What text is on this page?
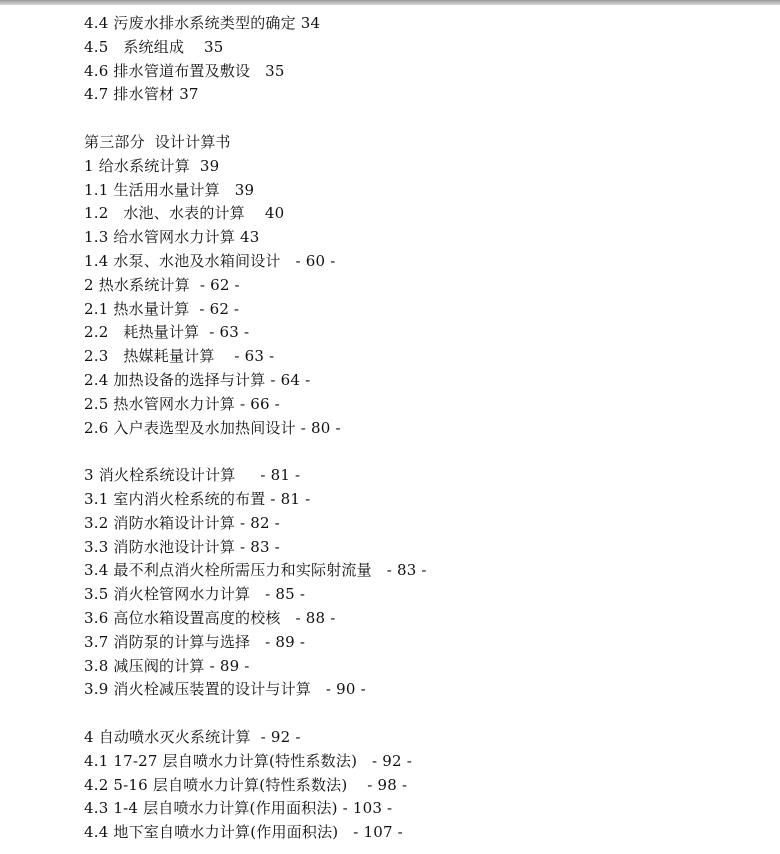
4.4 污废水排水系统类型的确定 34
4.5   系统组成    35
4.6 排水管道布置及敷设   35
4.7 排水管材 37
第三部分  设计计算书
1 给水系统计算  39
1.1 生活用水量计算   39
1.2   水池、水表的计算    40
1.3 给水管网水力计算 43
1.4 水泵、水池及水箱间设计   - 60 -
2 热水系统计算  - 62 -
2.1 热水量计算  - 62 -
2.2   耗热量计算  - 63 -
2.3   热媒耗量计算    - 63 -
2.4 加热设备的选择与计算 - 64 -
2.5 热水管网水力计算 - 66 -
2.6 入户表选型及水加热间设计 - 80 -
3 消火栓系统设计计算     - 81 -
3.1 室内消火栓系统的布置 - 81 -
3.2 消防水箱设计计算 - 82 -
3.3 消防水池设计计算 - 83 -
3.4 最不利点消火栓所需压力和实际射流量   - 83 -
3.5 消火栓管网水力计算   - 85 -
3.6 高位水箱设置高度的校核   - 88 -
3.7 消防泵的计算与选择   - 89 -
3.8 减压阀的计算 - 89 -
3.9 消火栓减压装置的设计与计算   - 90 -
4 自动喷水灭火系统计算  - 92 -
4.1 17-27 层自喷水力计算(特性系数法)   - 92 -
4.2 5-16 层自喷水力计算(特性系数法)    - 98 -
4.3 1-4 层自喷水力计算(作用面积法) - 103 -
4.4 地下室自喷水力计算(作用面积法)   - 107 -
